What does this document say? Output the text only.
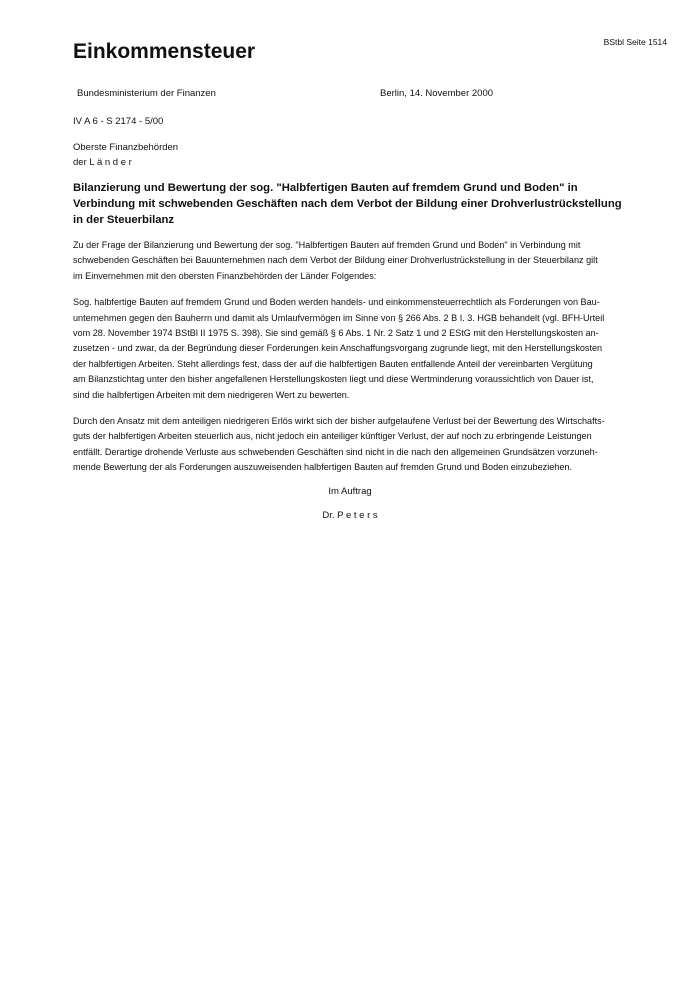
BStbl Seite 1514
Einkommensteuer
Bundesministerium der Finanzen	Berlin, 14. November 2000
IV A 6 - S 2174 - 5/00
Oberste Finanzbehörden
der L ä n d e r
Bilanzierung und Bewertung der sog. "Halbfertigen Bauten auf fremdem Grund und Boden" in Verbindung mit schwebenden Geschäften nach dem Verbot der Bildung einer Drohverlustrückstellung in der Steuerbilanz

Zu der Frage der Bilanzierung und Bewertung der sog. "Halbfertigen Bauten auf fremden Grund und Boden" in Verbindung mit
schwebenden Geschäften bei Bauunternehmen nach dem Verbot der Bildung einer Drohverlustrückstellung in der Steuerbilanz gilt
im Einvernehmen mit den obersten Finanzbehörden der Länder Folgendes:

Sog. halbfertige Bauten auf fremdem Grund und Boden werden handels- und einkommensteuerrechtlich als Forderungen von Bau-
unternehmen gegen den Bauherrn und damit als Umlaufvermögen im Sinne von § 266 Abs. 2 B I. 3. HGB behandelt (vgl. BFH-Urteil
vom 28. November 1974 BStBl II 1975 S. 398). Sie sind gemäß § 6 Abs. 1 Nr. 2 Satz 1 und 2 EStG mit den Herstellungskosten an-
zusetzen - und zwar, da der Begründung dieser Forderungen kein Anschaffungsvorgang zugrunde liegt, mit den Herstellungskosten
der halbfertigen Arbeiten. Steht allerdings fest, dass der auf die halbfertigen Bauten entfallende Anteil der vereinbarten Vergütung
am Bilanzstichtag unter den bisher angefallenen Herstellungskosten liegt und diese Wertminderung voraussichtlich von Dauer ist,
sind die halbfertigen Arbeiten mit dem niedrigeren Wert zu bewerten.

Durch den Ansatz mit dem anteiligen niedrigeren Erlös wirkt sich der bisher aufgelaufene Verlust bei der Bewertung des Wirtschafts-
guts der halbfertigen Arbeiten steuerlich aus, nicht jedoch ein anteiliger künftiger Verlust, der auf noch zu erbringende Leistungen
entfällt. Derartige drohende Verluste aus schwebenden Geschäften sind nicht in die nach den allgemeinen Grundsätzen vorzuneh-
mende Bewertung der als Forderungen auszuweisenden halbfertigen Bauten auf fremden Grund und Boden einzubeziehen.

Im Auftrag
Dr. P e t e r s
